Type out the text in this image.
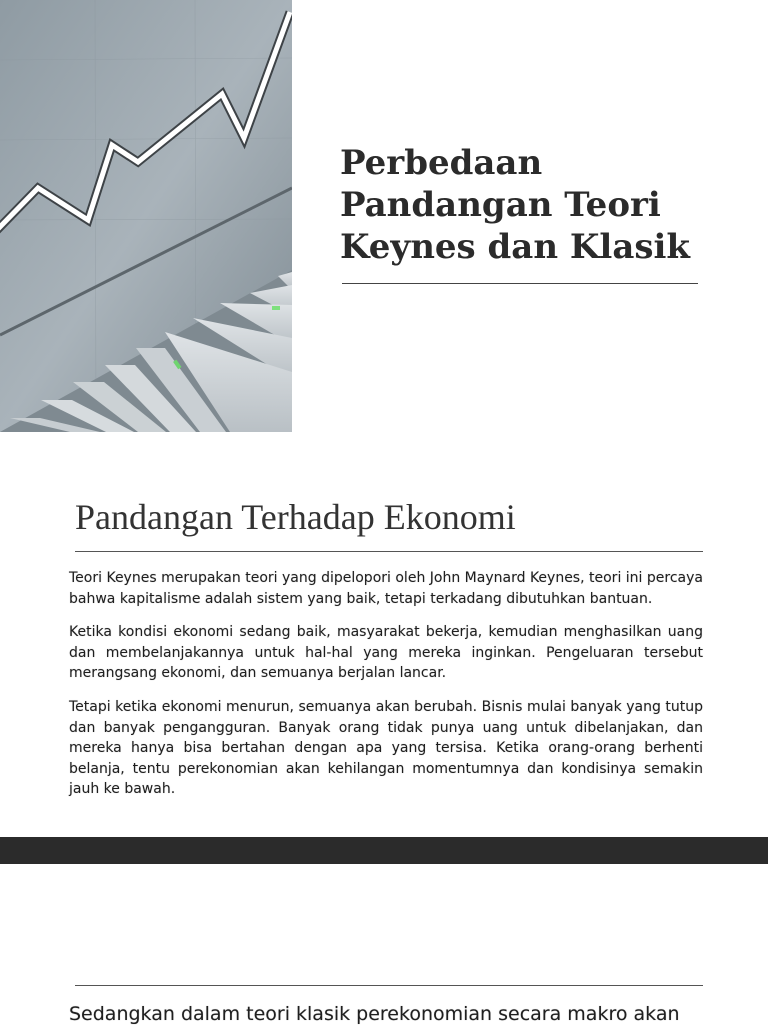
Perbedaan
Pandangan Teori
Keynes dan Klasik
Pandangan Terhadap Ekonomi

Teori Keynes merupakan teori yang dipelopori oleh John Maynard Keynes, teori ini percaya bahwa kapitalisme adalah sistem yang baik, tetapi terkadang dibutuhkan bantuan.

Ketika kondisi ekonomi sedang baik, masyarakat bekerja, kemudian menghasilkan uang dan membelanjakannya untuk hal-hal yang mereka inginkan. Pengeluaran tersebut merangsang ekonomi, dan semuanya berjalan lancar.

Tetapi ketika ekonomi menurun, semuanya akan berubah. Bisnis mulai banyak yang tutup dan banyak pengangguran. Banyak orang tidak punya uang untuk dibelanjakan, dan mereka hanya bisa bertahan dengan apa yang tersisa. Ketika orang-orang berhenti belanja, tentu perekonomian akan kehilangan momentumnya dan kondisinya semakin jauh ke bawah.

Sedangkan dalam teori klasik perekonomian secara makro akan
